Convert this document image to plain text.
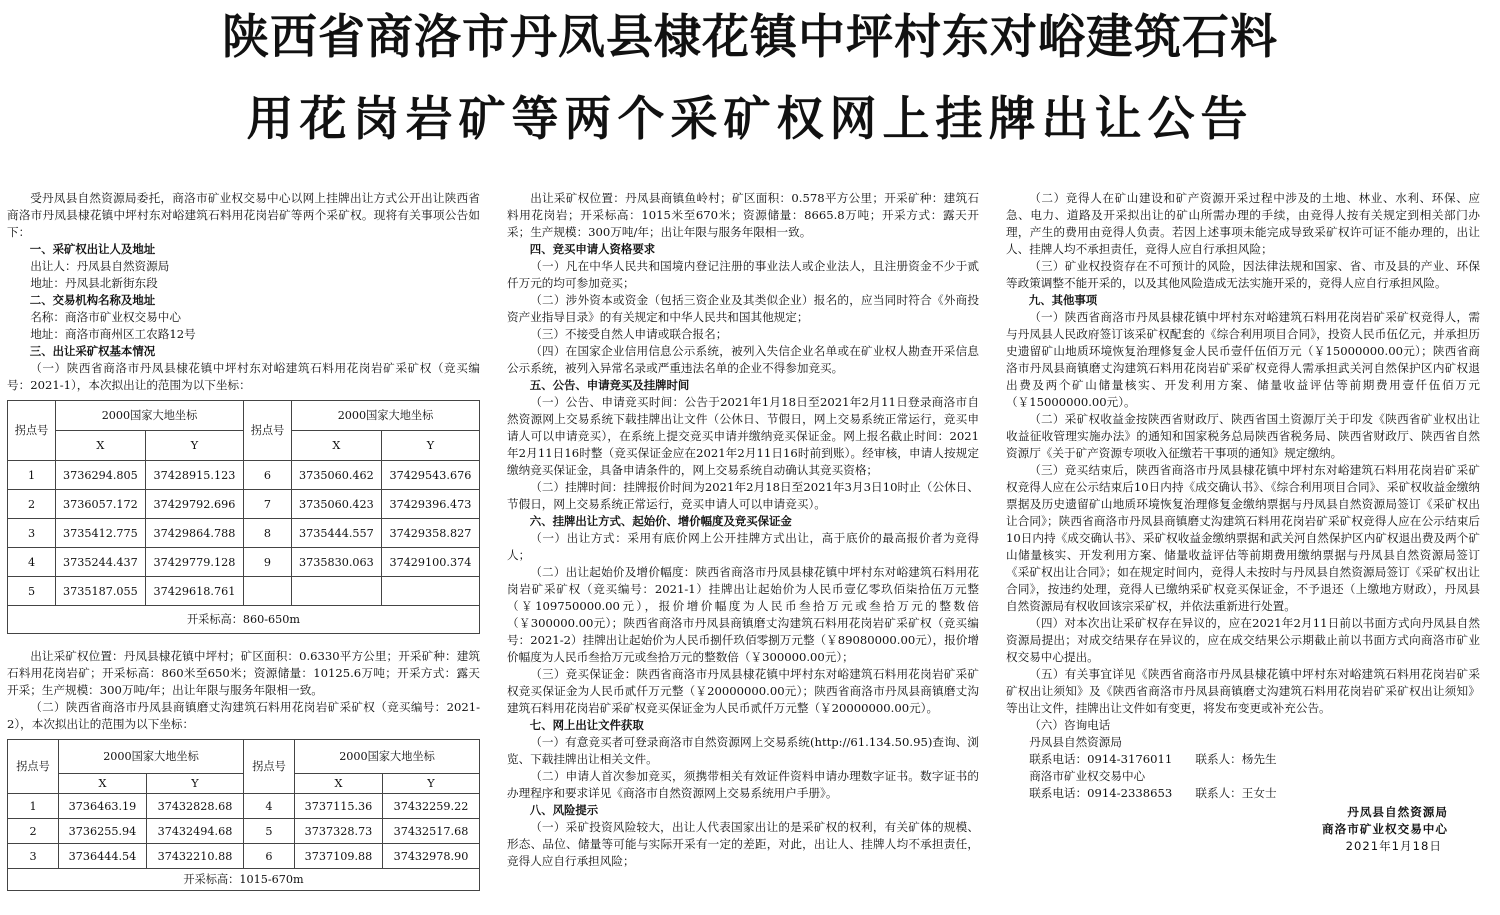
陕西省商洛市丹凤县棣花镇中坪村东对峪建筑石料
用花岗岩矿等两个采矿权网上挂牌出让公告

受丹凤县自然资源局委托，商洛市矿业权交易中心以网上挂牌出让方式公开出让陕西省商洛市丹凤县棣花镇中坪村东对峪建筑石料用花岗岩矿等两个采矿权。现将有关事项公告如下：

一、采矿权出让人及地址

出让人：丹凤县自然资源局

地址：丹凤县北新街东段

二、交易机构名称及地址

名称：商洛市矿业权交易中心

地址：商洛市商州区工农路12号

三、出让采矿权基本情况

（一）陕西省商洛市丹凤县棣花镇中坪村东对峪建筑石料用花岗岩矿采矿权（竞买编号：2021-1），本次拟出让的范围为以下坐标：

拐点号	2000国家大地坐标		拐点号	2000国家大地坐标	
	X	Y		X	Y
1	3736294.805	37428915.123	6	3735060.462	37429543.676
2	3736057.172	37429792.696	7	3735060.423	37429396.473
3	3735412.775	37429864.788	8	3735444.557	37429358.827
4	3735244.437	37429779.128	9	3735830.063	37429100.374
5	3735187.055	37429618.761			
开采标高：860-650m					

出让采矿权位置：丹凤县棣花镇中坪村；矿区面积：0.6330平方公里；开采矿种：建筑石料用花岗岩矿；开采标高：860米至650米；资源储量：10125.6万吨；开采方式：露天开采；生产规模：300万吨/年；出让年限与服务年限相一致。

（二）陕西省商洛市丹凤县商镇磨丈沟建筑石料用花岗岩矿采矿权（竞买编号：2021-2），本次拟出让的范围为以下坐标：

拐点号	2000国家大地坐标		拐点号	2000国家大地坐标	
	X	Y		X	Y
1	3736463.19	37432828.68	4	3737115.36	37432259.22
2	3736255.94	37432494.68	5	3737328.73	37432517.68
3	3736444.54	37432210.88	6	3737109.88	37432978.90
开采标高：1015-670m					

出让采矿权位置：丹凤县商镇鱼岭村；矿区面积：0.578平方公里；开采矿种：建筑石料用花岗岩；开采标高：1015米至670米；资源储量：8665.8万吨；开采方式：露天开采；生产规模：300万吨/年；出让年限与服务年限相一致。

四、竞买申请人资格要求

（一）凡在中华人民共和国境内登记注册的事业法人或企业法人，且注册资金不少于贰仟万元的均可参加竞买；

（二）涉外资本或资金（包括三资企业及其类似企业）报名的，应当同时符合《外商投资产业指导目录》的有关规定和中华人民共和国其他规定；

（三）不接受自然人申请或联合报名；

（四）在国家企业信用信息公示系统，被列入失信企业名单或在矿业权人勘查开采信息公示系统，被列入异常名录或严重违法名单的企业不得参加竞买。

五、公告、申请竞买及挂牌时间

（一）公告、申请竞买时间：公告于2021年1月18日至2021年2月11日登录商洛市自然资源网上交易系统下载挂牌出让文件（公休日、节假日，网上交易系统正常运行，竞买申请人可以申请竞买），在系统上提交竞买申请并缴纳竞买保证金。网上报名截止时间：2021年2月11日16时整（竞买保证金应在2021年2月11日16时前到账）。经审核，申请人按规定缴纳竞买保证金，具备申请条件的，网上交易系统自动确认其竞买资格；

（二）挂牌时间：挂牌报价时间为2021年2月18日至2021年3月3日10时止（公休日、节假日，网上交易系统正常运行，竞买申请人可以申请竞买）。

六、挂牌出让方式、起始价、增价幅度及竞买保证金

（一）出让方式：采用有底价网上公开挂牌方式出让，高于底价的最高报价者为竞得人；

（二）出让起始价及增价幅度：陕西省商洛市丹凤县棣花镇中坪村东对峪建筑石料用花岗岩矿采矿权（竞买编号：2021-1）挂牌出让起始价为人民币壹亿零玖佰柒拾伍万元整（￥109750000.00元），报价增价幅度为人民币叁拾万元或叁拾万元的整数倍（￥300000.00元）；陕西省商洛市丹凤县商镇磨丈沟建筑石料用花岗岩矿采矿权（竞买编号：2021-2）挂牌出让起始价为人民币捌仟玖佰零捌万元整（￥89080000.00元），报价增价幅度为人民币叁拾万元或叁拾万元的整数倍（￥300000.00元）；

（三）竞买保证金：陕西省商洛市丹凤县棣花镇中坪村东对峪建筑石料用花岗岩矿采矿权竞买保证金为人民币贰仟万元整（￥20000000.00元）；陕西省商洛市丹凤县商镇磨丈沟建筑石料用花岗岩矿采矿权竞买保证金为人民币贰仟万元整（￥20000000.00元）。

七、网上出让文件获取

（一）有意竞买者可登录商洛市自然资源网上交易系统(http://61.134.50.95)查询、浏览、下载挂牌出让相关文件。

（二）申请人首次参加竞买，须携带相关有效证件资料申请办理数字证书。数字证书的办理程序和要求详见《商洛市自然资源网上交易系统用户手册》。

八、风险提示

（一）采矿投资风险较大，出让人代表国家出让的是采矿权的权利，有关矿体的规模、形态、品位、储量等可能与实际开采有一定的差距，对此，出让人、挂牌人均不承担责任，竞得人应自行承担风险；

（二）竞得人在矿山建设和矿产资源开采过程中涉及的土地、林业、水利、环保、应急、电力、道路及开采拟出让的矿山所需办理的手续，由竞得人按有关规定到相关部门办理，产生的费用由竞得人负责。若因上述事项未能完成导致采矿权许可证不能办理的，出让人、挂牌人均不承担责任，竞得人应自行承担风险；

（三）矿业权投资存在不可预计的风险，因法律法规和国家、省、市及县的产业、环保等政策调整不能开采的，以及其他风险造成无法实施开采的，竞得人应自行承担风险。

九、其他事项

（一）陕西省商洛市丹凤县棣花镇中坪村东对峪建筑石料用花岗岩矿采矿权竞得人，需与丹凤县人民政府签订该采矿权配套的《综合利用项目合同》，投资人民币伍亿元，并承担历史遗留矿山地质环境恢复治理修复金人民币壹仟伍佰万元（￥15000000.00元）；陕西省商洛市丹凤县商镇磨丈沟建筑石料用花岗岩矿采矿权竞得人需承担武关河自然保护区内矿权退出费及两个矿山储量核实、开发利用方案、储量收益评估等前期费用壹仟伍佰万元（￥15000000.00元）。

（二）采矿权收益金按陕西省财政厅、陕西省国土资源厅关于印发《陕西省矿业权出让收益征收管理实施办法》的通知和国家税务总局陕西省税务局、陕西省财政厅、陕西省自然资源厅《关于矿产资源专项收入征缴若干事项的通知》规定缴纳。

（三）竞买结束后，陕西省商洛市丹凤县棣花镇中坪村东对峪建筑石料用花岗岩矿采矿权竞得人应在公示结束后10日内持《成交确认书》、《综合利用项目合同》、采矿权收益金缴纳票据及历史遗留矿山地质环境恢复治理修复金缴纳票据与丹凤县自然资源局签订《采矿权出让合同》；陕西省商洛市丹凤县商镇磨丈沟建筑石料用花岗岩矿采矿权竞得人应在公示结束后10日内持《成交确认书》、采矿权收益金缴纳票据和武关河自然保护区内矿权退出费及两个矿山储量核实、开发利用方案、储量收益评估等前期费用缴纳票据与丹凤县自然资源局签订《采矿权出让合同》；如在规定时间内，竞得人未按时与丹凤县自然资源局签订《采矿权出让合同》，按违约处理，竞得人已缴纳采矿权竞买保证金，不予退还（上缴地方财政），丹凤县自然资源局有权收回该宗采矿权，并依法重新进行处置。

（四）对本次出让采矿权存在异议的，应在2021年2月11日前以书面方式向丹凤县自然资源局提出；对成交结果存在异议的，应在成交结果公示期截止前以书面方式向商洛市矿业权交易中心提出。

（五）有关事宜详见《陕西省商洛市丹凤县棣花镇中坪村东对峪建筑石料用花岗岩矿采矿权出让须知》及《陕西省商洛市丹凤县商镇磨丈沟建筑石料用花岗岩矿采矿权出让须知》等出让文件，挂牌出让文件如有变更，将发布变更或补充公告。

（六）咨询电话

丹凤县自然资源局

联系电话：0914-3176011　　联系人：杨先生

商洛市矿业权交易中心

联系电话：0914-2338653　　联系人：王女士

丹凤县自然资源局

商洛市矿业权交易中心

2021年1月18日
